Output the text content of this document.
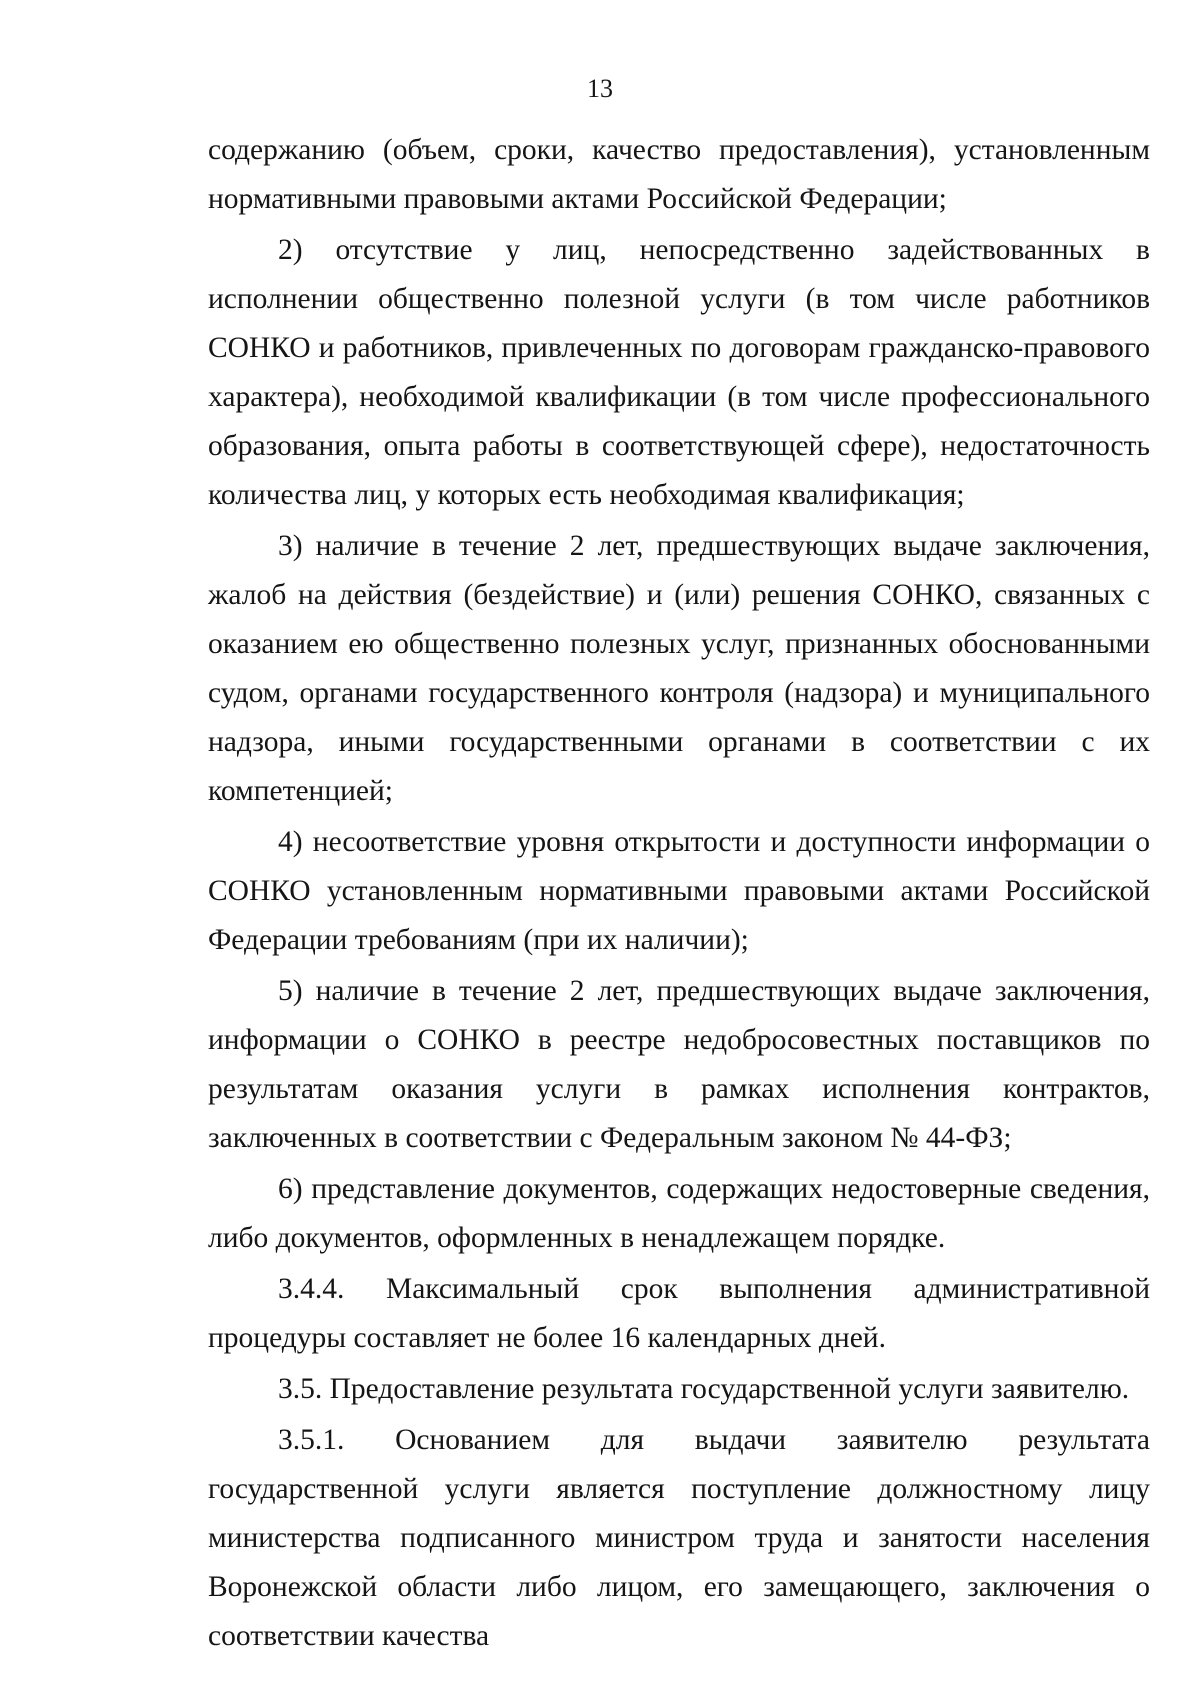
13

содержанию (объем, сроки, качество предоставления), установленным нормативными правовыми актами Российской Федерации;

2) отсутствие у лиц, непосредственно задействованных в исполнении общественно полезной услуги (в том числе работников СОНКО и работников, привлеченных по договорам гражданско-правового характера), необходимой квалификации (в том числе профессионального образования, опыта работы в соответствующей сфере), недостаточность количества лиц, у которых есть необходимая квалификация;

3) наличие в течение 2 лет, предшествующих выдаче заключения, жалоб на действия (бездействие) и (или) решения СОНКО, связанных с оказанием ею общественно полезных услуг, признанных обоснованными судом, органами государственного контроля (надзора) и муниципального надзора, иными государственными органами в соответствии с их компетенцией;

4) несоответствие уровня открытости и доступности информации о СОНКО установленным нормативными правовыми актами Российской Федерации требованиям (при их наличии);

5) наличие в течение 2 лет, предшествующих выдаче заключения, информации о СОНКО в реестре недобросовестных поставщиков по результатам оказания услуги в рамках исполнения контрактов, заключенных в соответствии с Федеральным законом № 44-ФЗ;

6) представление документов, содержащих недостоверные сведения, либо документов, оформленных в ненадлежащем порядке.

3.4.4. Максимальный срок выполнения административной процедуры составляет не более 16 календарных дней.

3.5. Предоставление результата государственной услуги заявителю.

3.5.1. Основанием для выдачи заявителю результата государственной услуги является поступление должностному лицу министерства подписанного министром труда и занятости населения Воронежской области либо лицом, его замещающего, заключения о соответствии качества
